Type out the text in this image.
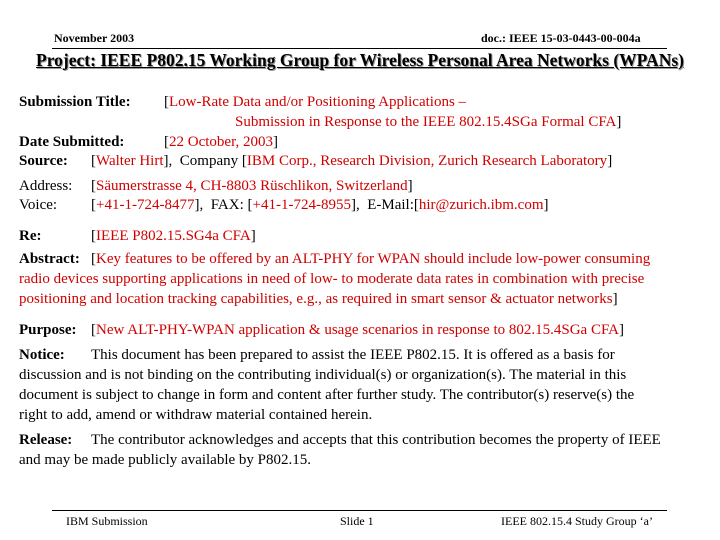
November 2003	doc.: IEEE 15-03-0443-00-004a
Project: IEEE P802.15 Working Group for Wireless Personal Area Networks (WPANs)
Submission Title: [Low-Rate Data and/or Positioning Applications –
Submission in Response to the IEEE 802.15.4SGa Formal CFA]
Date Submitted:	[22 October, 2003]
Source: [Walter Hirt],  Company [IBM Corp., Research Division, Zurich Research Laboratory]
Address: [Säumerstrasse 4, CH-8803 Rüschlikon, Switzerland]
Voice: [+41-1-724-8477],  FAX: [+41-1-724-8955],  E-Mail:[hir@zurich.ibm.com]
Re:	[IEEE P802.15.SG4a CFA]
Abstract: [Key features to be offered by an ALT-PHY for WPAN should include low-power consuming
radio devices supporting applications in need of low- to moderate data rates in combination with precise
positioning and location tracking capabilities, e.g., as required in smart sensor & actuator networks]
Purpose: [New ALT-PHY-WPAN application & usage scenarios in response to 802.15.4SGa CFA]
Notice: This document has been prepared to assist the IEEE P802.15. It is offered as a basis for
discussion and is not binding on the contributing individual(s) or organization(s). The material in this
document is subject to change in form and content after further study. The contributor(s) reserve(s) the
right to add, amend or withdraw material contained herein.
Release: The contributor acknowledges and accepts that this contribution becomes the property of IEEE
and may be made publicly available by P802.15.
IBM Submission	Slide 1	IEEE 802.15.4 Study Group ‘a’
